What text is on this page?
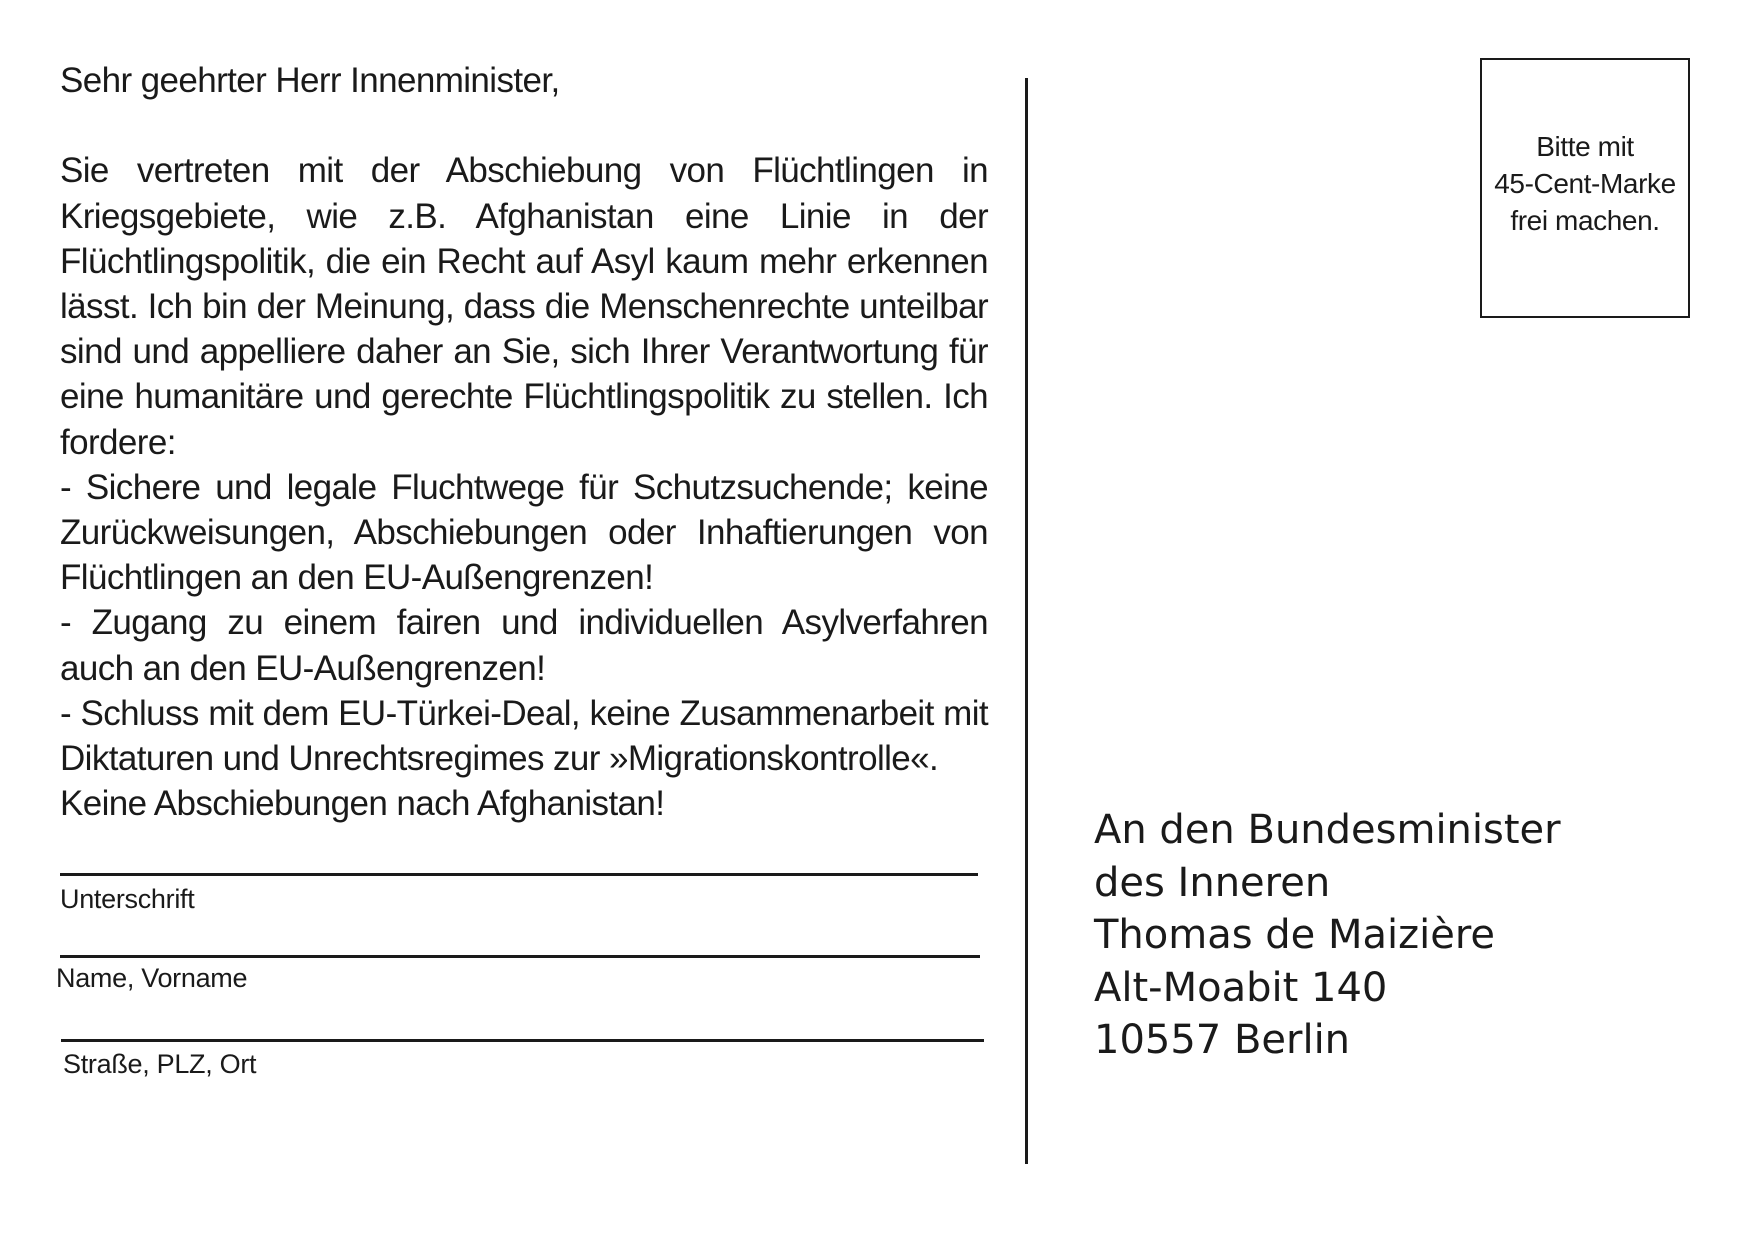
Sehr geehrter Herr Innenminister,

Sie vertreten mit der Abschiebung von Flüchtlingen in Kriegsgebiete, wie z.B. Afghanistan eine Linie in der Flüchtlingspolitik, die ein Recht auf Asyl kaum mehr erkennen lässt. Ich bin der Meinung, dass die Menschenrechte unteilbar sind und appelliere daher an Sie, sich Ihrer Verantwortung für eine humanitäre und gerechte Flüchtlingspolitik zu stellen. Ich fordere:

- Sichere und legale Fluchtwege für Schutzsuchende; keine Zurückweisungen, Abschiebungen oder Inhaftierungen von Flüchtlingen an den EU-Außengrenzen!

- Zugang zu einem fairen und individuellen Asylverfahren auch an den EU-Außengrenzen!

- Schluss mit dem EU-Türkei-Deal, keine Zusammenarbeit mit Diktaturen und Unrechtsregimes zur »Migrationskontrolle«.

Keine Abschiebungen nach Afghanistan!

Unterschrift
Name, Vorname
Straße, PLZ, Ort
Bitte mit
45-Cent-Marke
frei machen.
An den Bundesminister
des Inneren
Thomas de Maizière
Alt-Moabit 140
10557 Berlin
